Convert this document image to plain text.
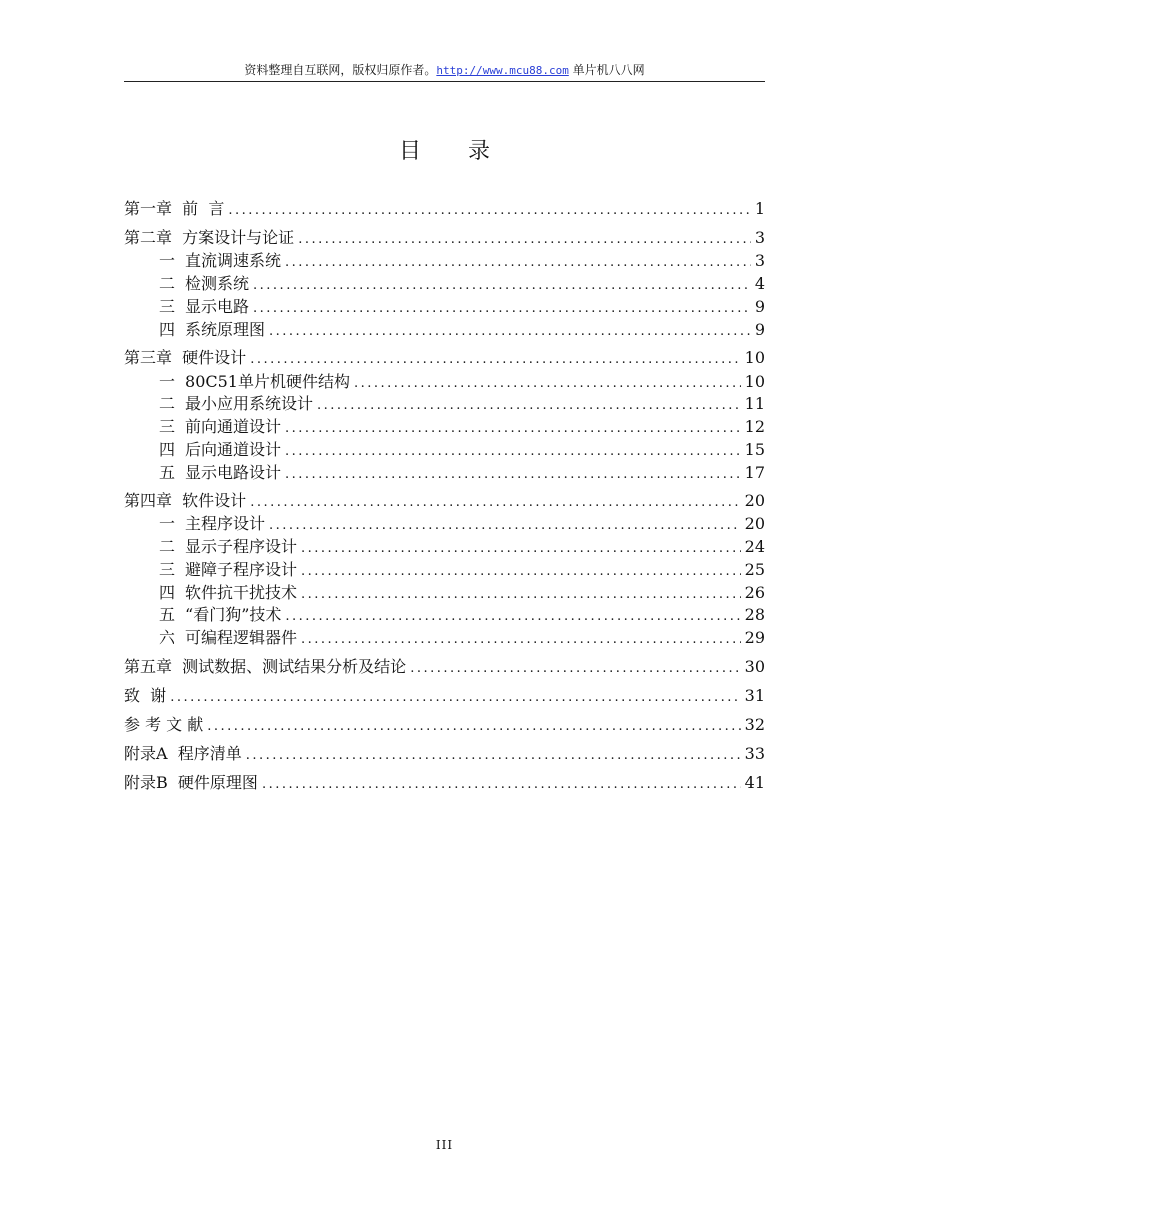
资料整理自互联网，版权归原作者。http://www.mcu88.com 单片机八八网
目 录
第一章  前  言 .....	1
第二章  方案设计与论证 .....	3
一 直流调速系统 .....	3
二 检测系统 .....	4
三 显示电路 .....	9
四 系统原理图 .....	9
第三章  硬件设计 .....	10
一 80C51单片机硬件结构 .....	10
二 最小应用系统设计 .....	11
三 前向通道设计 .....	12
四 后向通道设计 .....	15
五 显示电路设计 .....	17
第四章  软件设计 .....	20
一 主程序设计 .....	20
二 显示子程序设计 .....	24
三 避障子程序设计 .....	25
四 软件抗干扰技术 .....	26
五 “看门狗”技术 .....	28
六 可编程逻辑器件 .....	29
第五章  测试数据、测试结果分析及结论 .....	30
致  谢 .....	31
参 考 文 献 .....	32
附录A  程序清单 .....	33
附录B  硬件原理图 .....	41
III
